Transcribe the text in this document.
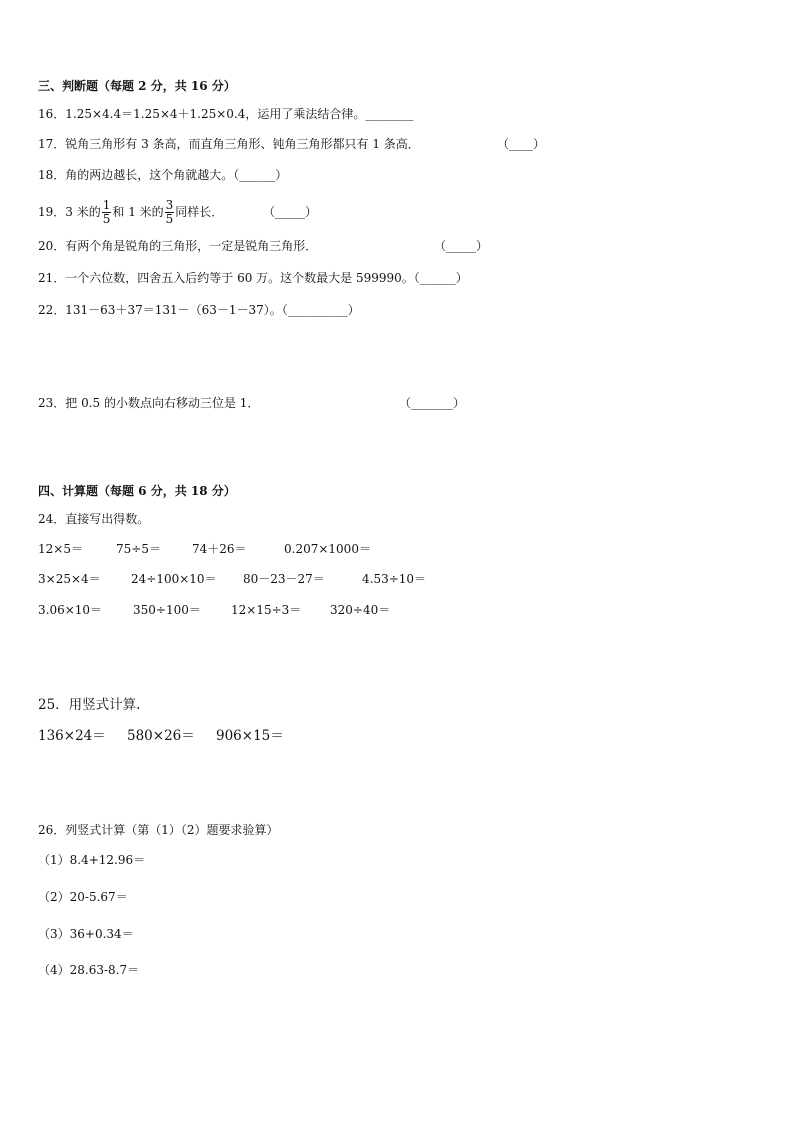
三、判断题（每题 2 分，共 16 分）
16．1.25×4.4＝1.25×4＋1.25×0.4，运用了乘法结合律。________
17．锐角三角形有 3 条高，而直角三角形、钝角三角形都只有 1 条高．	（____）
18．角的两边越长，这个角就越大。（______）
19．3 米的 $\frac{1}{5}$ 和 1 米的 $\frac{3}{5}$ 同样长．	（_____）
20．有两个角是锐角的三角形，一定是锐角三角形．	（_____）
21．一个六位数，四舍五入后约等于 60 万。这个数最大是 599990。（______）
22．131－63＋37＝131－（63－1－37）。（__________）
23．把 0.5 的小数点向右移动三位是 1．	（_______）
四、计算题（每题 6 分，共 18 分）
24．直接写出得数。
12×5＝	75÷5＝	74＋26＝	0.207×1000＝
3×25×4＝	24÷100×10＝ 80－23－27＝	4.53÷10＝
3.06×10＝	350÷100＝	12×15÷3＝ 320÷40＝
25．用竖式计算.
136×24＝ 580×26＝ 906×15＝
26．列竖式计算（第（1）（2）题要求验算）
（1）8.4+12.96＝
（2）20-5.67＝
（3）36+0.34＝
（4）28.63-8.7＝
